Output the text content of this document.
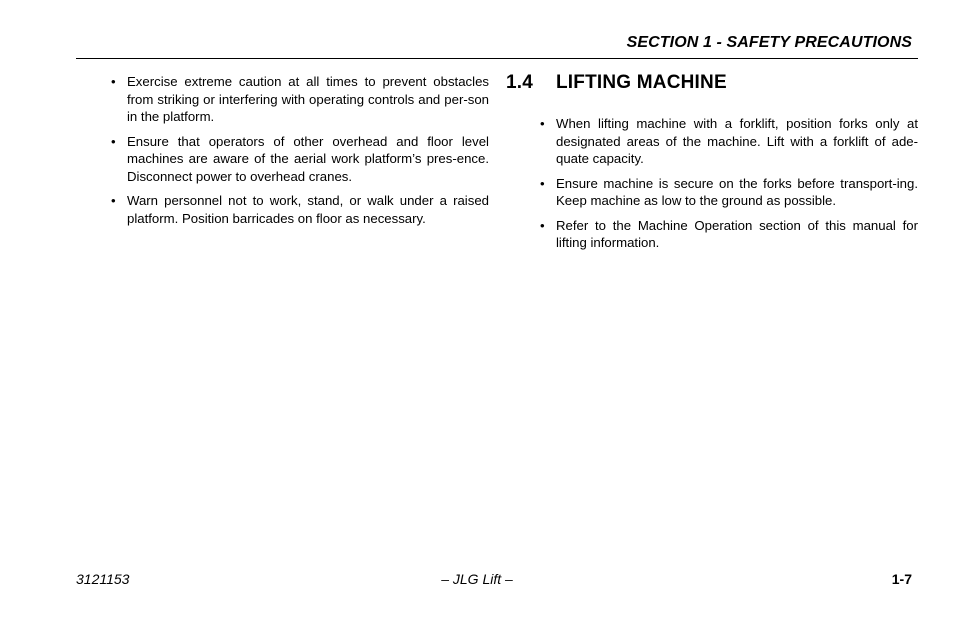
SECTION 1 - SAFETY PRECAUTIONS
• Exercise extreme caution at all times to prevent obstacles from striking or interfering with operating controls and per-son in the platform.
• Ensure that operators of other overhead and floor level machines are aware of the aerial work platform’s pres-ence. Disconnect power to overhead cranes.
• Warn personnel not to work, stand, or walk under a raised platform. Position barricades on floor as necessary.
1.4 LIFTING MACHINE
• When lifting machine with a forklift, position forks only at designated areas of the machine. Lift with a forklift of ade-quate capacity.
• Ensure machine is secure on the forks before transport-ing. Keep machine as low to the ground as possible.
• Refer to the Machine Operation section of this manual for lifting information.
3121153	– JLG Lift –	1-7
